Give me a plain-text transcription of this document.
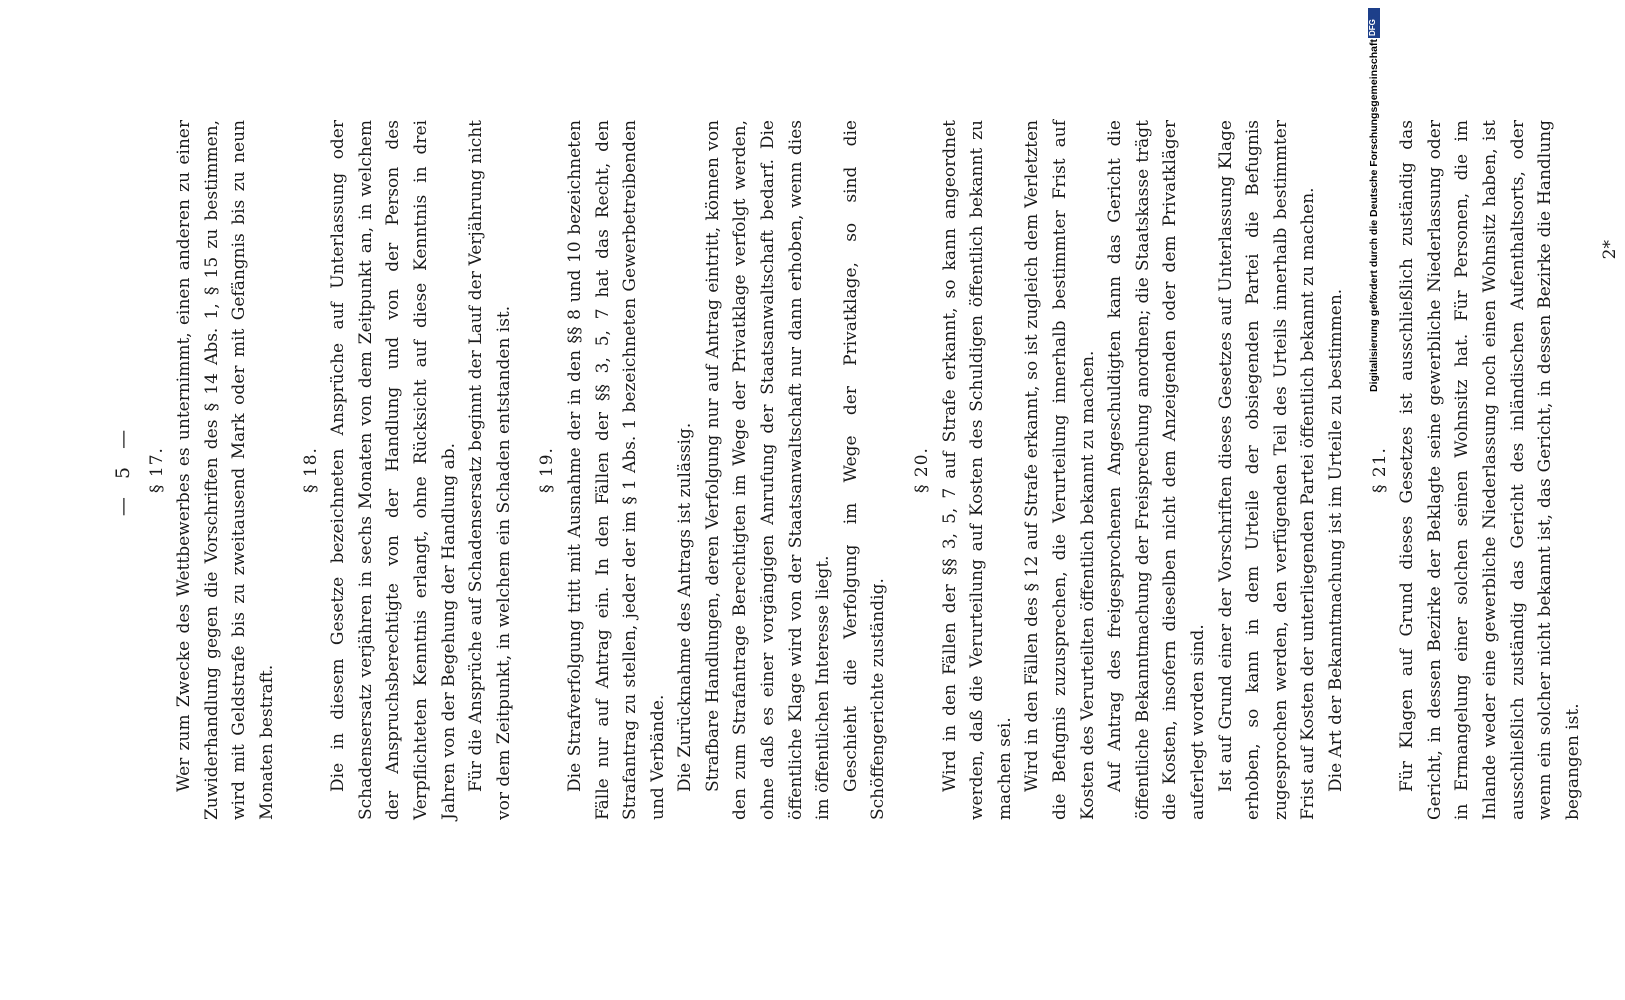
— 5 — § 17. Wer zum Zwecke des Wettbewerbes es unternimmt, einen anderen zu einer Zuwiderhandlung gegen die Vorschriften des § 14 Abs. 1, § 15 zu bestimmen, wird mit Geldstrafe bis zu zweitausend Mark oder mit Gefängnis bis zu neun Monaten bestraft.

§ 18. Die in diesem Gesetze bezeichneten Ansprüche auf Unterlassung oder Schadensersatz verjähren in sechs Monaten von dem Zeitpunkt an, in welchem der Anspruchsberechtigte von der Handlung und von der Person des Verpflichteten Kenntnis erlangt, ohne Rücksicht auf diese Kenntnis in drei Jahren von der Begehung der Handlung ab. Für die Ansprüche auf Schadensersatz beginnt der Lauf der Verjährung nicht vor dem Zeitpunkt, in welchem ein Schaden entstanden ist. § 19. Die Strafverfolgung tritt mit Ausnahme der in den §§ 8 und 10 bezeichneten Fälle nur auf Antrag ein. In den Fällen der §§ 3, 5, 7 hat das Recht, den Strafantrag zu stellen, jeder der im § 1 Abs. 1 bezeichneten Gewerbetreibenden und Verbände. Die Zurücknahme des Antrags ist zulässig. Strafbare Handlungen, deren Verfolgung nur auf Antrag eintritt, können von den zum Strafantrage Berechtigten im Wege der Privatklage verfolgt werden, ohne daß es einer vorgängigen Anrufung der Staatsanwaltschaft bedarf. Die öffentliche Klage wird von der Staatsanwaltschaft nur dann erhoben, wenn dies im öffentlichen Interesse liegt. Geschieht die Verfolgung im Wege der Privatklage, so sind die Schöffengerichte zuständig.

§ 20. Wird in den Fällen der §§ 3, 5, 7 auf Strafe erkannt, so kann angeordnet werden, daß die Verurteilung auf Kosten des Schuldigen öffentlich bekannt zu machen sei. Wird in den Fällen des § 12 auf Strafe erkannt, so ist zugleich dem Verletzten die Befugnis zuzusprechen, die Verurteilung innerhalb bestimmter Frist auf Kosten des Verurteilten öffentlich bekannt zu machen. Auf Antrag des freigesprochenen Angeschuldigten kann das Gericht die öffentliche Bekanntmachung der Freisprechung anordnen; die Staatskasse trägt die Kosten, insofern dieselben nicht dem Anzeigenden oder dem Privatkläger auferlegt worden sind. Ist auf Grund einer der Vorschriften dieses Gesetzes auf Unterlassung Klage erhoben, so kann in dem Urteile der obsiegenden Partei die Befugnis zugesprochen werden, den verfügenden Teil des Urteils innerhalb bestimmter Frist auf Kosten der unterliegenden Partei öffentlich bekannt zu machen. Die Art der Bekanntmachung ist im Urteile zu bestimmen. § 21. Für Klagen auf Grund dieses Gesetzes ist ausschließlich zuständig das Gericht, in dessen Bezirke der Beklagte seine gewerbliche Niederlassung oder in Ermangelung einer solchen seinen Wohnsitz hat. Für Personen, die im Inlande weder eine gewerbliche Niederlassung noch einen Wohnsitz haben, ist ausschließlich zuständig das Gericht des inländischen Aufenthaltsorts, oder wenn ein solcher nicht bekannt ist, das Gericht, in dessen Bezirke die Handlung begangen ist.

2*
Digitalisierung gefördert durch die Deutsche Forschungsgemeinschaft
DFG
